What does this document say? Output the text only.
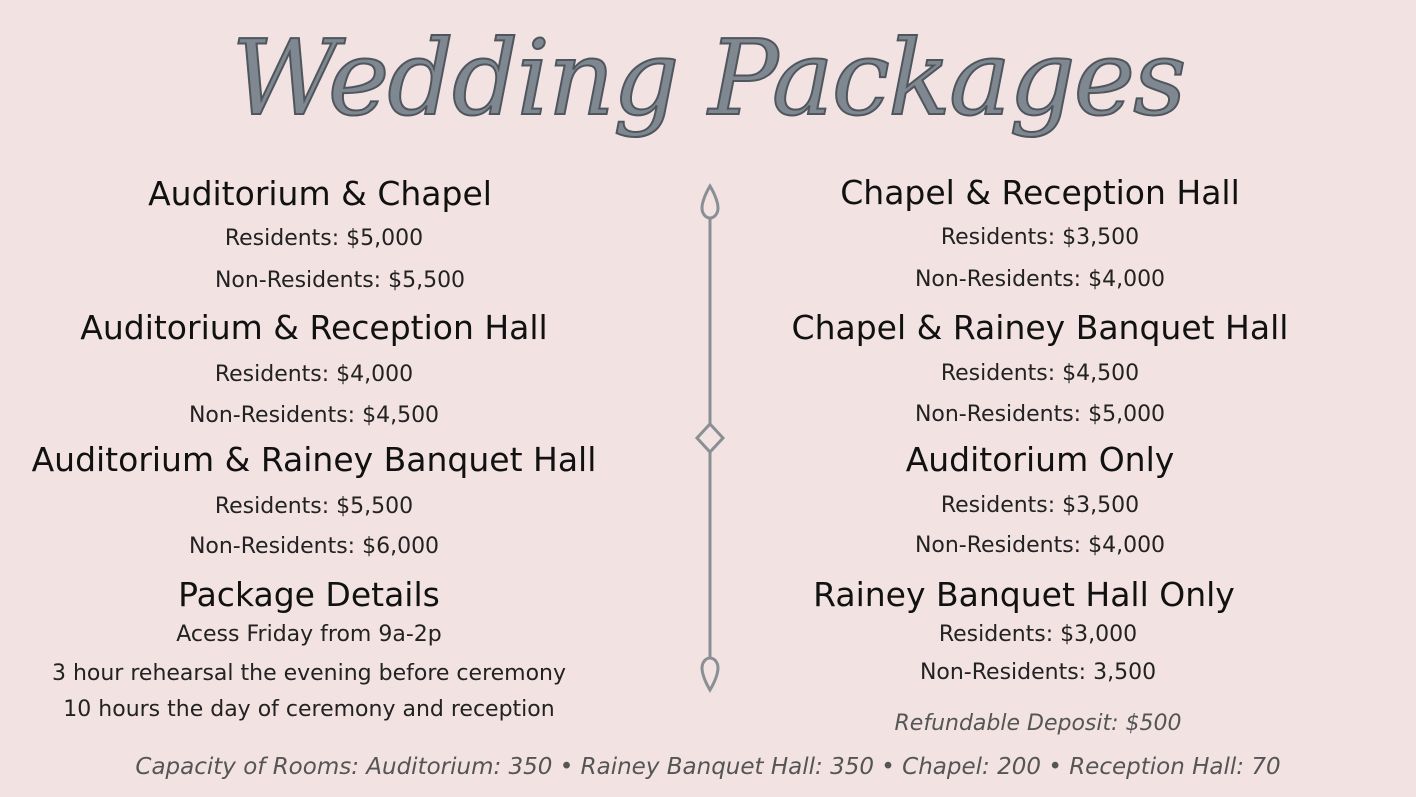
Wedding Packages
Auditorium & Chapel
Residents: $5,000
Non-Residents: $5,500
Auditorium & Reception Hall
Residents: $4,000
Non-Residents: $4,500
Auditorium & Rainey Banquet Hall
Residents: $5,500
Non-Residents: $6,000
Package Details
Acess Friday from 9a-2p
3 hour rehearsal the evening before ceremony
10 hours the day of ceremony and reception
Chapel & Reception Hall
Residents: $3,500
Non-Residents: $4,000
Chapel & Rainey Banquet Hall
Residents: $4,500
Non-Residents: $5,000
Auditorium Only
Residents: $3,500
Non-Residents: $4,000
Rainey Banquet Hall Only
Residents: $3,000
Non-Residents: 3,500
Refundable Deposit: $500
Capacity of Rooms: Auditorium: 350 • Rainey Banquet Hall: 350 • Chapel: 200 • Reception Hall: 70
